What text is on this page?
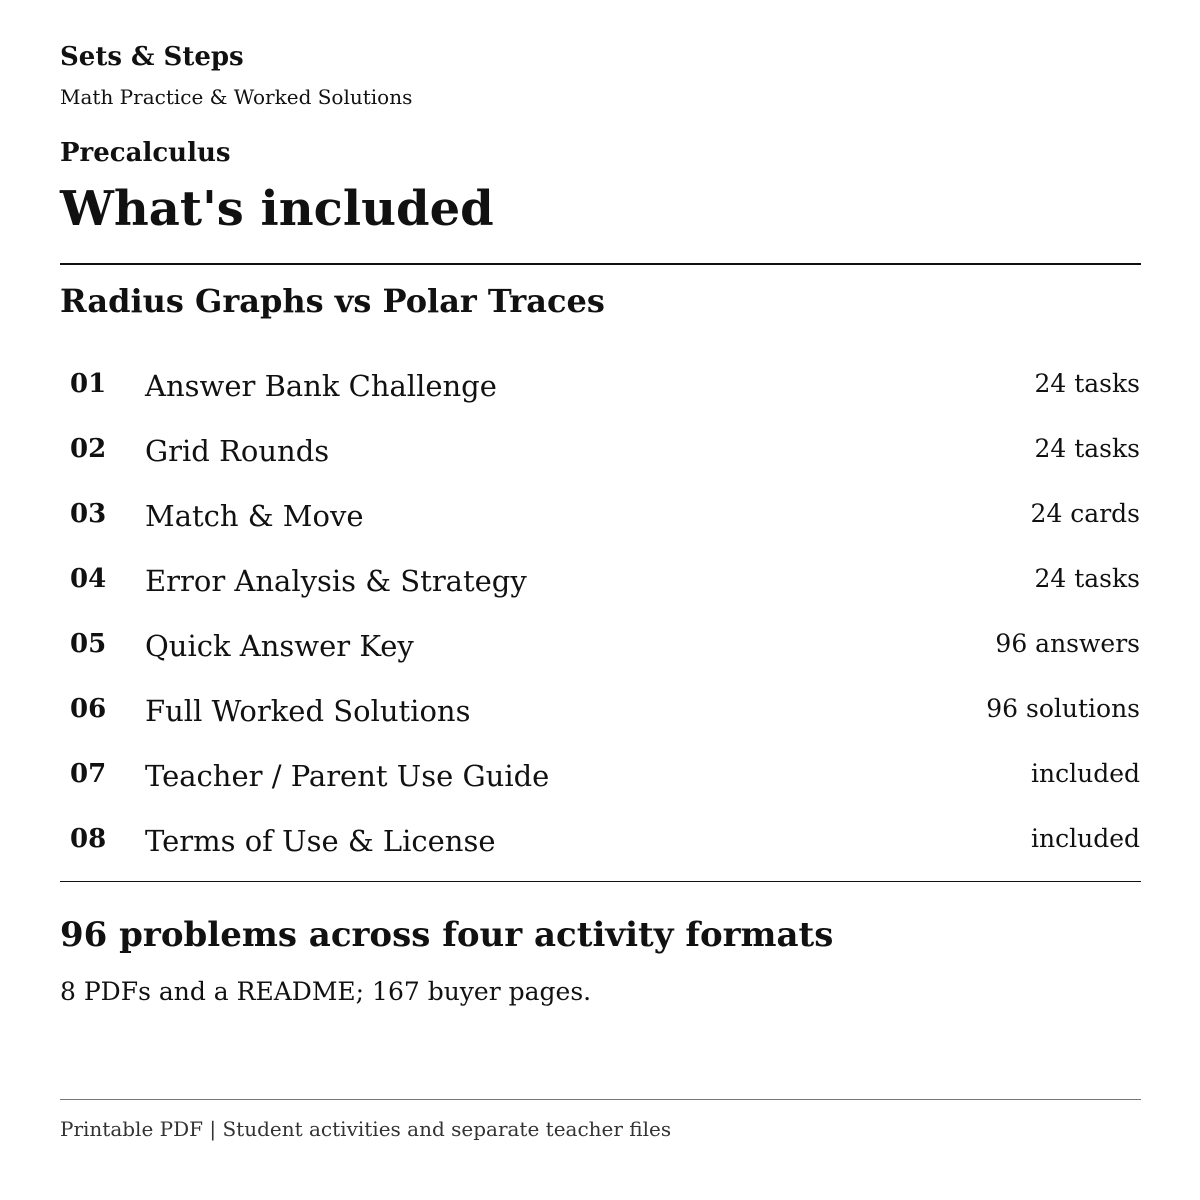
Sets & Steps
Math Practice & Worked Solutions
Precalculus
What's included
Radius Graphs vs Polar Traces
01 Answer Bank Challenge	24 tasks
02 Grid Rounds	24 tasks
03 Match & Move	24 cards
04 Error Analysis & Strategy	24 tasks
05 Quick Answer Key	96 answers
06 Full Worked Solutions	96 solutions
07 Teacher / Parent Use Guide	included
08 Terms of Use & License	included
96 problems across four activity formats

8 PDFs and a README; 167 buyer pages.

Printable PDF | Student activities and separate teacher files
